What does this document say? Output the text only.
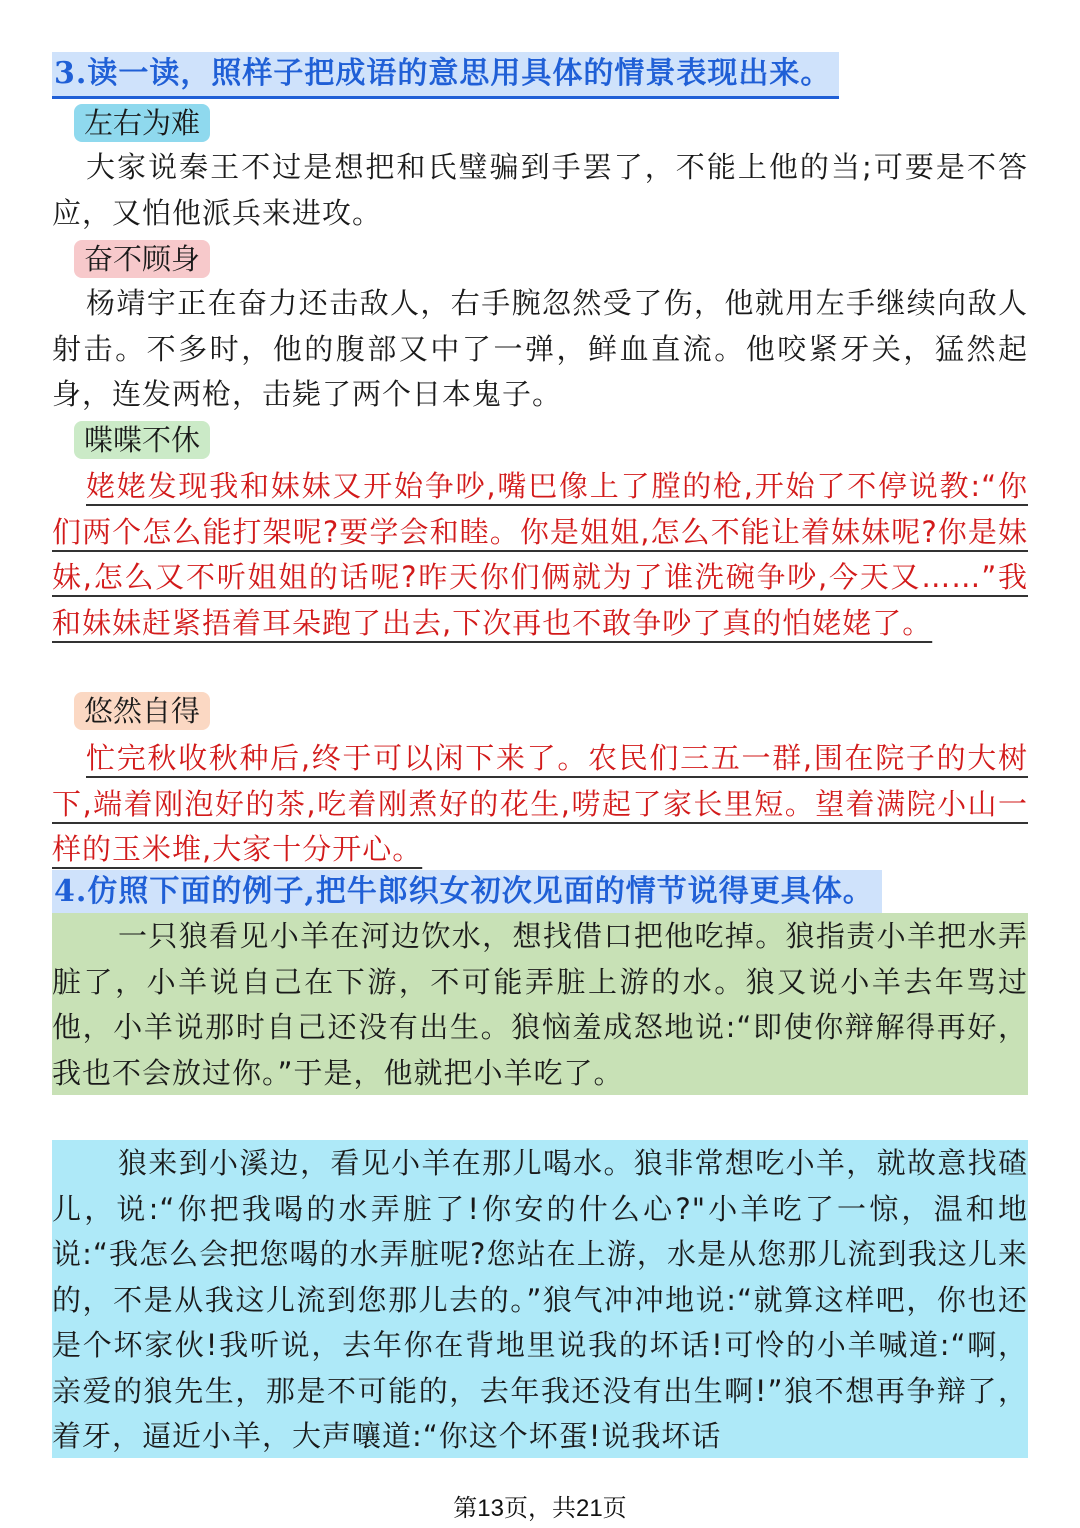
3.读一读，照样子把成语的意思用具体的情景表现出来。
左右为难

大家说秦王不过是想把和氏璧骗到手罢了，不能上他的当;可要是不答应，又怕他派兵来进攻。

奋不顾身

杨靖宇正在奋力还击敌人，右手腕忽然受了伤，他就用左手继续向敌人射击。不多时，他的腹部又中了一弹，鲜血直流。他咬紧牙关，猛然起身，连发两枪，击毙了两个日本鬼子。

喋喋不休

姥姥发现我和妹妹又开始争吵,嘴巴像上了膛的枪,开始了不停说教:“你们两个怎么能打架呢?要学会和睦。你是姐姐,怎么不能让着妹妹呢?你是妹妹,怎么又不听姐姐的话呢?昨天你们俩就为了谁洗碗争吵,今天又……”我和妹妹赶紧捂着耳朵跑了出去,下次再也不敢争吵了真的怕姥姥了。

悠然自得

忙完秋收秋种后,终于可以闲下来了。农民们三五一群,围在院子的大树下,端着刚泡好的茶,吃着刚煮好的花生,唠起了家长里短。望着满院小山一样的玉米堆,大家十分开心。

4.仿照下面的例子,把牛郎织女初次见面的情节说得更具体。

一只狼看见小羊在河边饮水，想找借口把他吃掉。狼指责小羊把水弄脏了，小羊说自己在下游，不可能弄脏上游的水。狼又说小羊去年骂过他，小羊说那时自己还没有出生。狼恼羞成怒地说:“即使你辩解得再好，我也不会放过你。”于是，他就把小羊吃了。

狼来到小溪边，看见小羊在那儿喝水。狼非常想吃小羊，就故意找碴儿，说:“你把我喝的水弄脏了!你安的什么心?"小羊吃了一惊，温和地说:“我怎么会把您喝的水弄脏呢?您站在上游，水是从您那儿流到我这儿来的，不是从我这儿流到您那儿去的。”狼气冲冲地说:“就算这样吧，你也还是个坏家伙!我听说，去年你在背地里说我的坏话!可怜的小羊喊道:“啊，亲爱的狼先生，那是不可能的，去年我还没有出生啊!”狼不想再争辩了，着牙，逼近小羊，大声嚷道:“你这个坏蛋!说我坏话

第13页，共21页
